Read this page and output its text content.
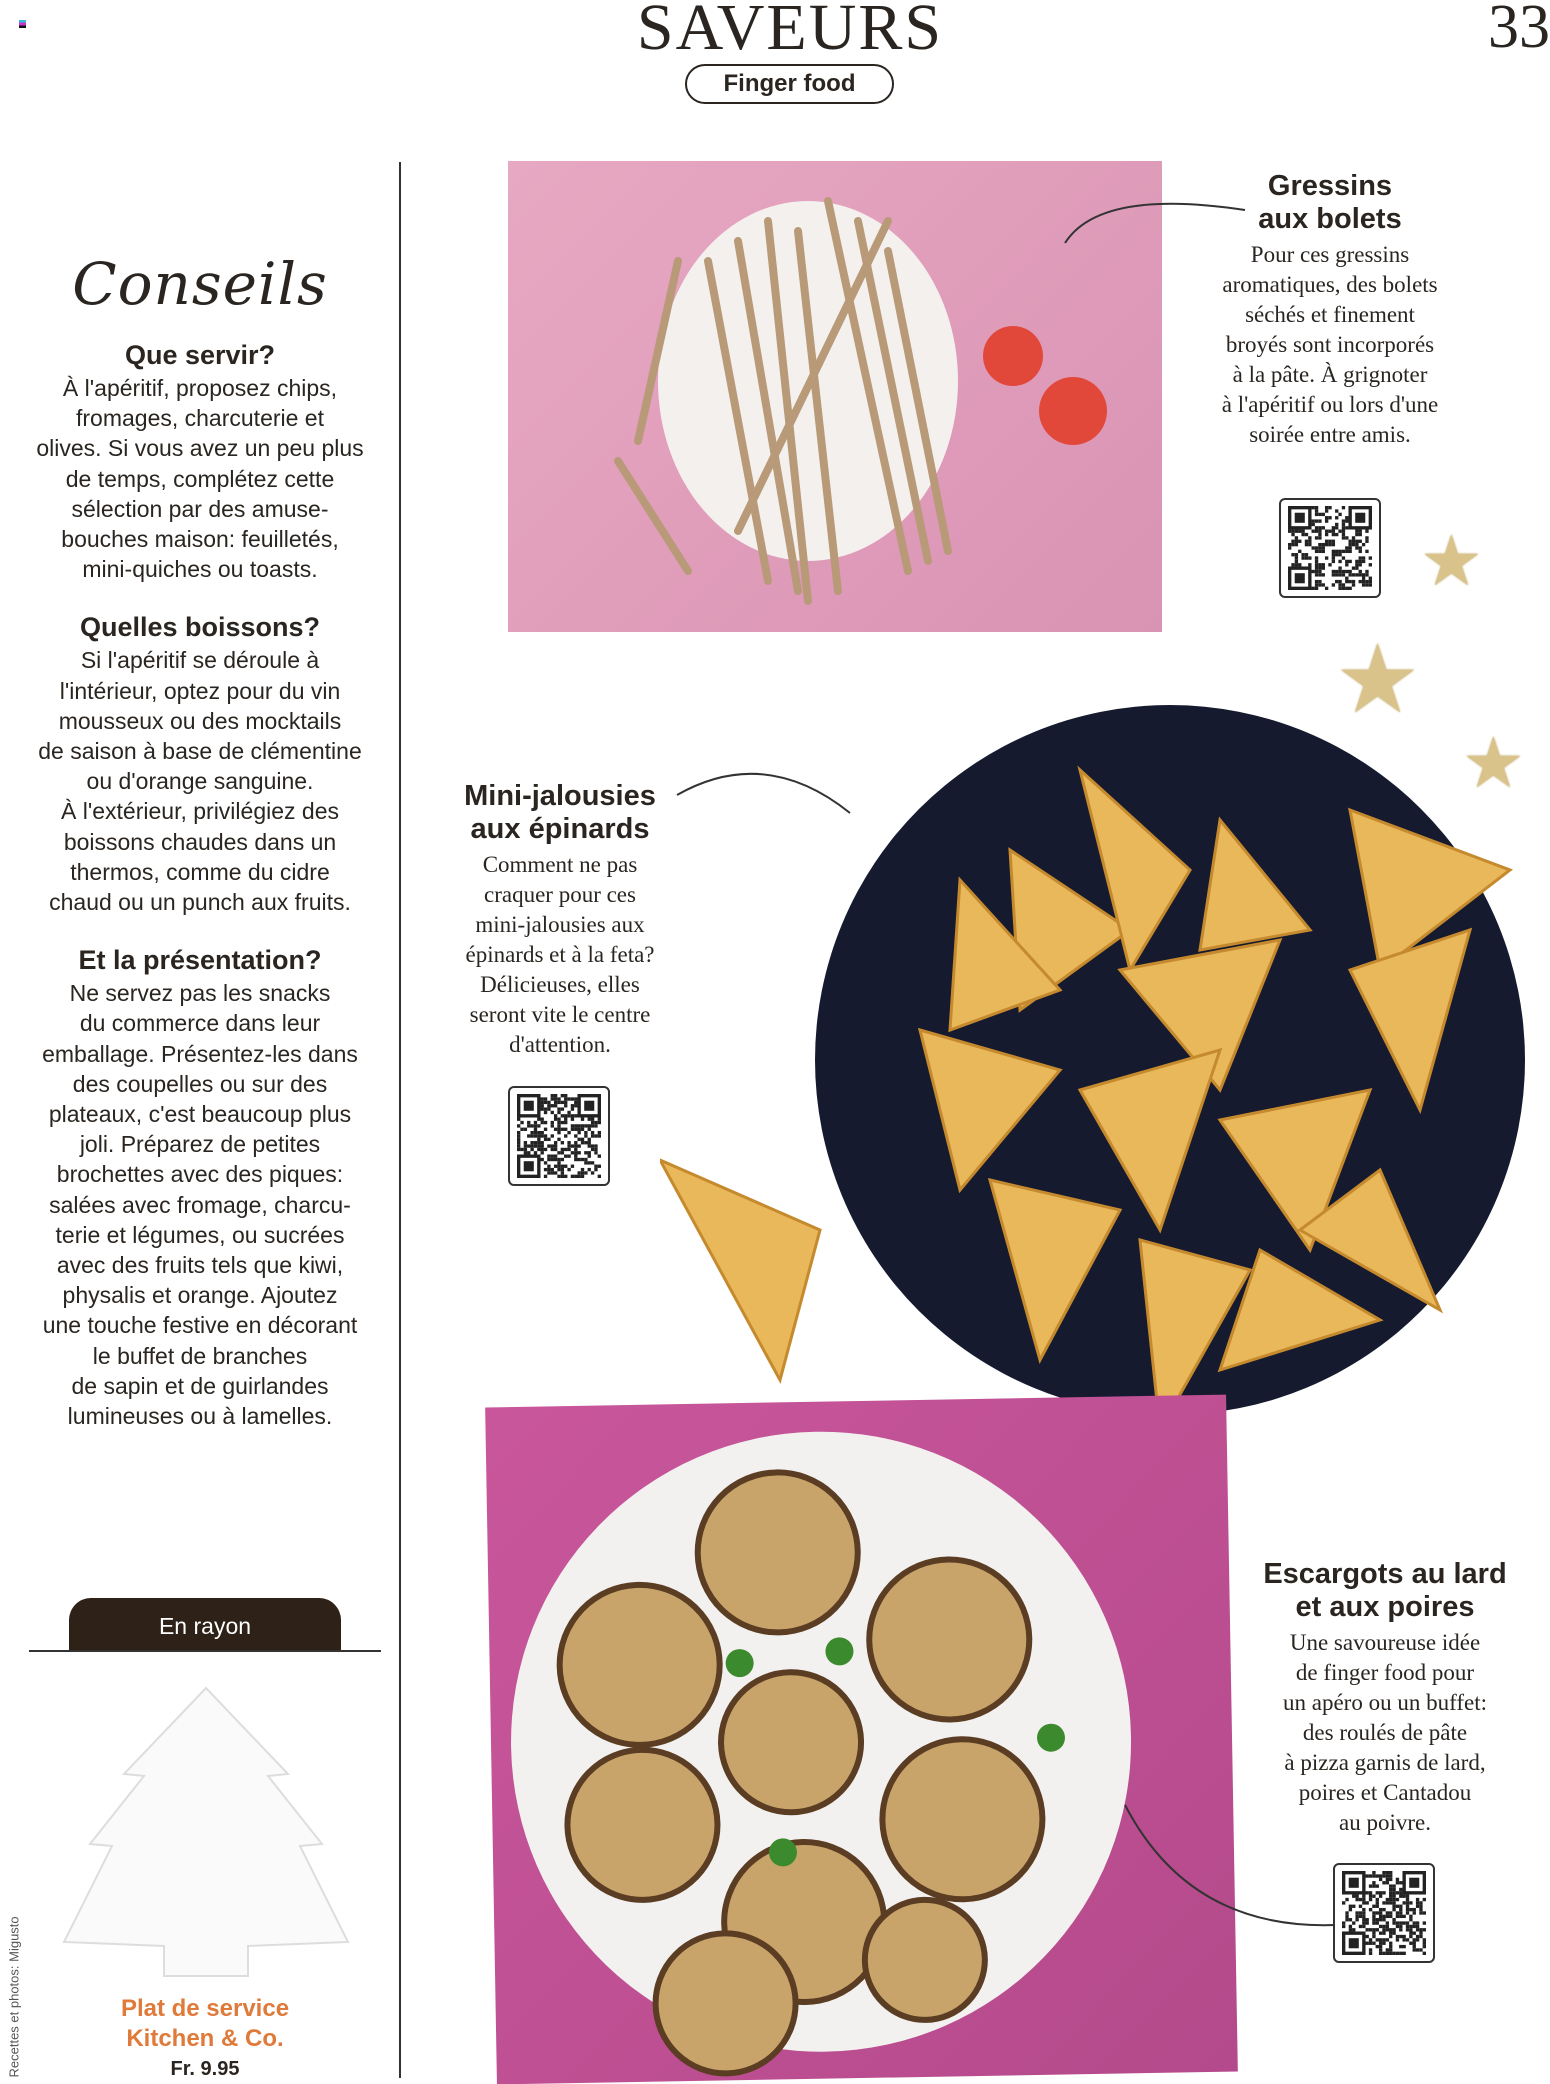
SAVEURS	33
Finger food
Conseils
Que servir?
À l'apéritif, proposez chips,
fromages, charcuterie et
olives. Si vous avez un peu plus
de temps, complétez cette
sélection par des amuse-
bouches maison: feuilletés,
mini-quiches ou toasts.
Quelles boissons?
Si l'apéritif se déroule à
l'intérieur, optez pour du vin
mousseux ou des mocktails
de saison à base de clémentine
ou d'orange sanguine.
À l'extérieur, privilégiez des
boissons chaudes dans un
thermos, comme du cidre
chaud ou un punch aux fruits.
Et la présentation?
Ne servez pas les snacks
du commerce dans leur
emballage. Présentez-les dans
des coupelles ou sur des
plateaux, c'est beaucoup plus
joli. Préparez de petites
brochettes avec des piques:
salées avec fromage, charcu-
terie et légumes, ou sucrées
avec des fruits tels que kiwi,
physalis et orange. Ajoutez
une touche festive en décorant
le buffet de branches
de sapin et de guirlandes
lumineuses ou à lamelles.
En rayon
Plat de service
Kitchen & Co.
Fr. 9.95
Recettes et photos: Migusto
Gressins
aux bolets
Pour ces gressins
aromatiques, des bolets
séchés et finement
broyés sont incorporés
à la pâte. À grignoter
à l'apéritif ou lors d'une
soirée entre amis.
★
★
★
Mini-jalousies
aux épinards
Comment ne pas
craquer pour ces
mini-jalousies aux
épinards et à la feta?
Délicieuses, elles
seront vite le centre
d'attention.
Escargots au lard
et aux poires
Une savoureuse idée
de finger food pour
un apéro ou un buffet:
des roulés de pâte
à pizza garnis de lard,
poires et Cantadou
au poivre.
